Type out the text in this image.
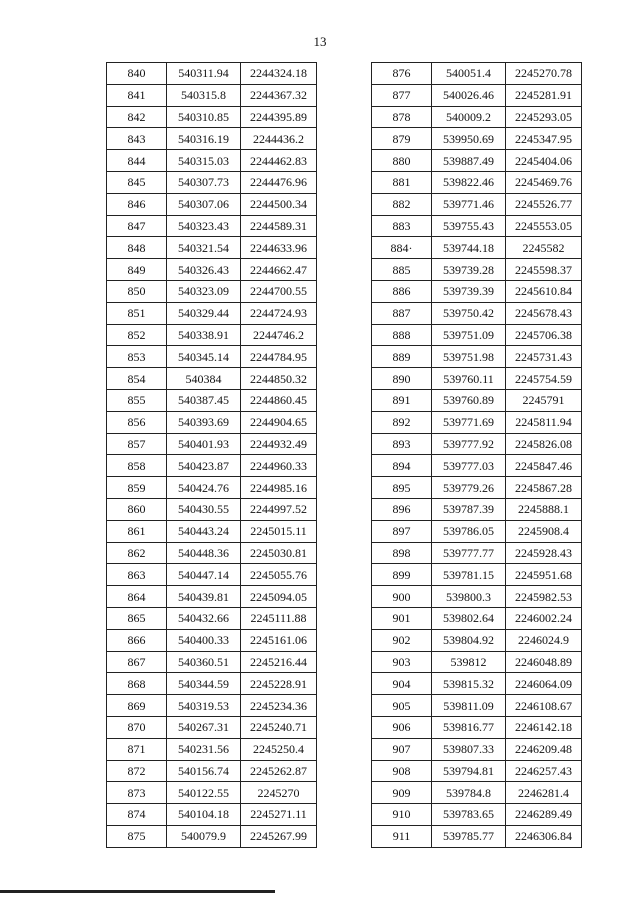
13
840	540311.94	2244324.18
841	540315.8	2244367.32
842	540310.85	2244395.89
843	540316.19	2244436.2
844	540315.03	2244462.83
845	540307.73	2244476.96
846	540307.06	2244500.34
847	540323.43	2244589.31
848	540321.54	2244633.96
849	540326.43	2244662.47
850	540323.09	2244700.55
851	540329.44	2244724.93
852	540338.91	2244746.2
853	540345.14	2244784.95
854	540384	2244850.32
855	540387.45	2244860.45
856	540393.69	2244904.65
857	540401.93	2244932.49
858	540423.87	2244960.33
859	540424.76	2244985.16
860	540430.55	2244997.52
861	540443.24	2245015.11
862	540448.36	2245030.81
863	540447.14	2245055.76
864	540439.81	2245094.05
865	540432.66	2245111.88
866	540400.33	2245161.06
867	540360.51	2245216.44
868	540344.59	2245228.91
869	540319.53	2245234.36
870	540267.31	2245240.71
871	540231.56	2245250.4
872	540156.74	2245262.87
873	540122.55	2245270
874	540104.18	2245271.11
875	540079.9	2245267.99
876	540051.4	2245270.78
877	540026.46	2245281.91
878	540009.2	2245293.05
879	539950.69	2245347.95
880	539887.49	2245404.06
881	539822.46	2245469.76
882	539771.46	2245526.77
883	539755.43	2245553.05
884·	539744.18	2245582
885	539739.28	2245598.37
886	539739.39	2245610.84
887	539750.42	2245678.43
888	539751.09	2245706.38
889	539751.98	2245731.43
890	539760.11	2245754.59
891	539760.89	2245791
892	539771.69	2245811.94
893	539777.92	2245826.08
894	539777.03	2245847.46
895	539779.26	2245867.28
896	539787.39	2245888.1
897	539786.05	2245908.4
898	539777.77	2245928.43
899	539781.15	2245951.68
900	539800.3	2245982.53
901	539802.64	2246002.24
902	539804.92	2246024.9
903	539812	2246048.89
904	539815.32	2246064.09
905	539811.09	2246108.67
906	539816.77	2246142.18
907	539807.33	2246209.48
908	539794.81	2246257.43
909	539784.8	2246281.4
910	539783.65	2246289.49
911	539785.77	2246306.84
